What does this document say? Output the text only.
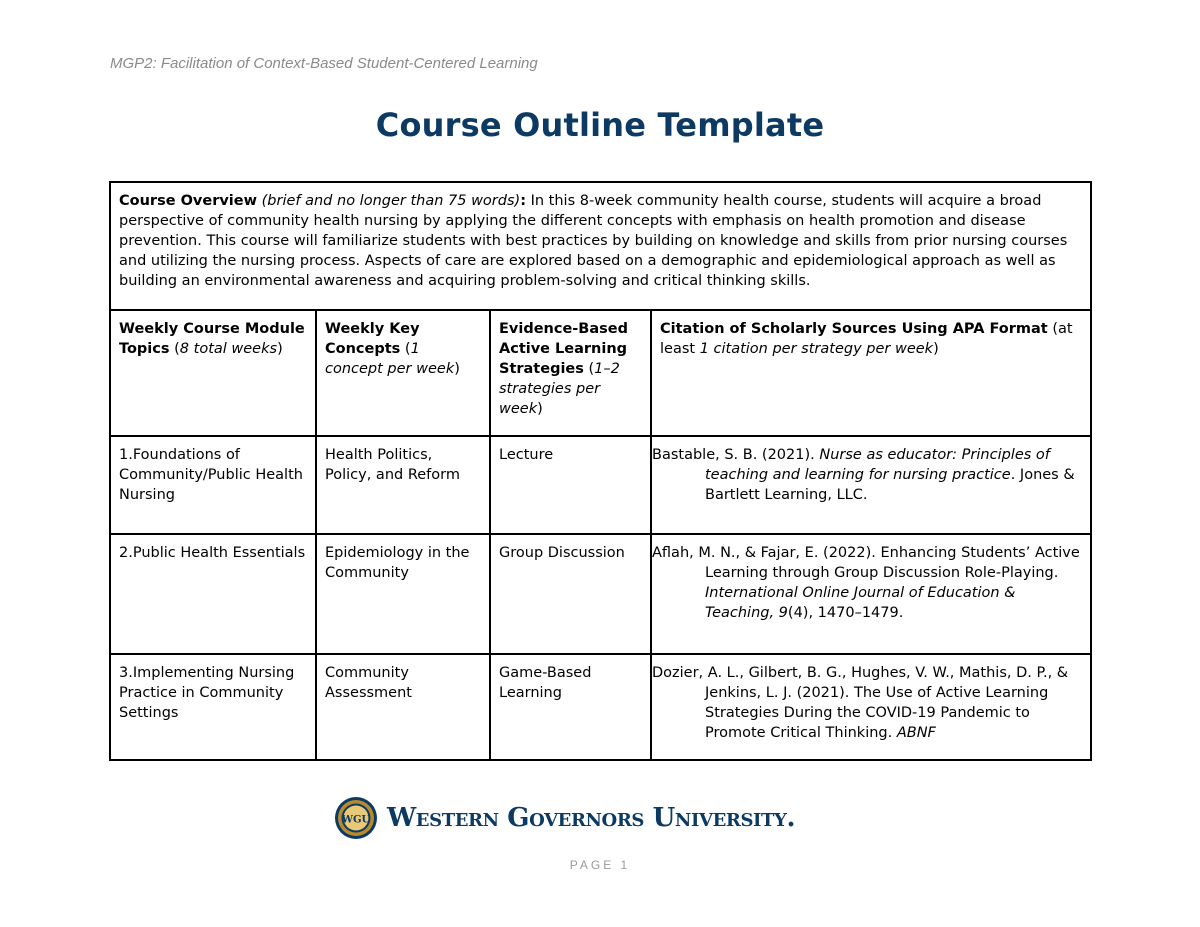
MGP2: Facilitation of Context-Based Student-Centered Learning
Course Outline Template
Course Overview (brief and no longer than 75 words): In this 8-week community health course, students will acquire a broad perspective of community health nursing by applying the different concepts with emphasis on health promotion and disease prevention. This course will familiarize students with best practices by building on knowledge and skills from prior nursing courses and utilizing the nursing process. Aspects of care are explored based on a demographic and epidemiological approach as well as building an environmental awareness and acquiring problem-solving and critical thinking skills.			
Weekly Course Module Topics (8 total weeks)	Weekly Key Concepts (1 concept per week)	Evidence-Based Active Learning Strategies (1–2 strategies per week)	Citation of Scholarly Sources Using APA Format (at least 1 citation per strategy per week)
1.Foundations of Community/Public Health Nursing	Health Politics, Policy, and Reform	Lecture	Bastable, S. B. (2021). Nurse as educator: Principles of teaching and learning for nursing practice. Jones & Bartlett Learning, LLC.
2.Public Health Essentials	Epidemiology in the Community	Group Discussion	Aflah, M. N., & Fajar, E. (2022). Enhancing Students’ Active Learning through Group Discussion Role-Playing. International Online Journal of Education & Teaching, 9(4), 1470–1479.
3.Implementing Nursing Practice in Community Settings	Community Assessment	Game-Based Learning	Dozier, A. L., Gilbert, B. G., Hughes, V. W., Mathis, D. P., & Jenkins, L. J. (2021). The Use of Active Learning Strategies During the COVID-19 Pandemic to Promote Critical Thinking. ABNF
WGU Western Governors University.
PAGE 1
